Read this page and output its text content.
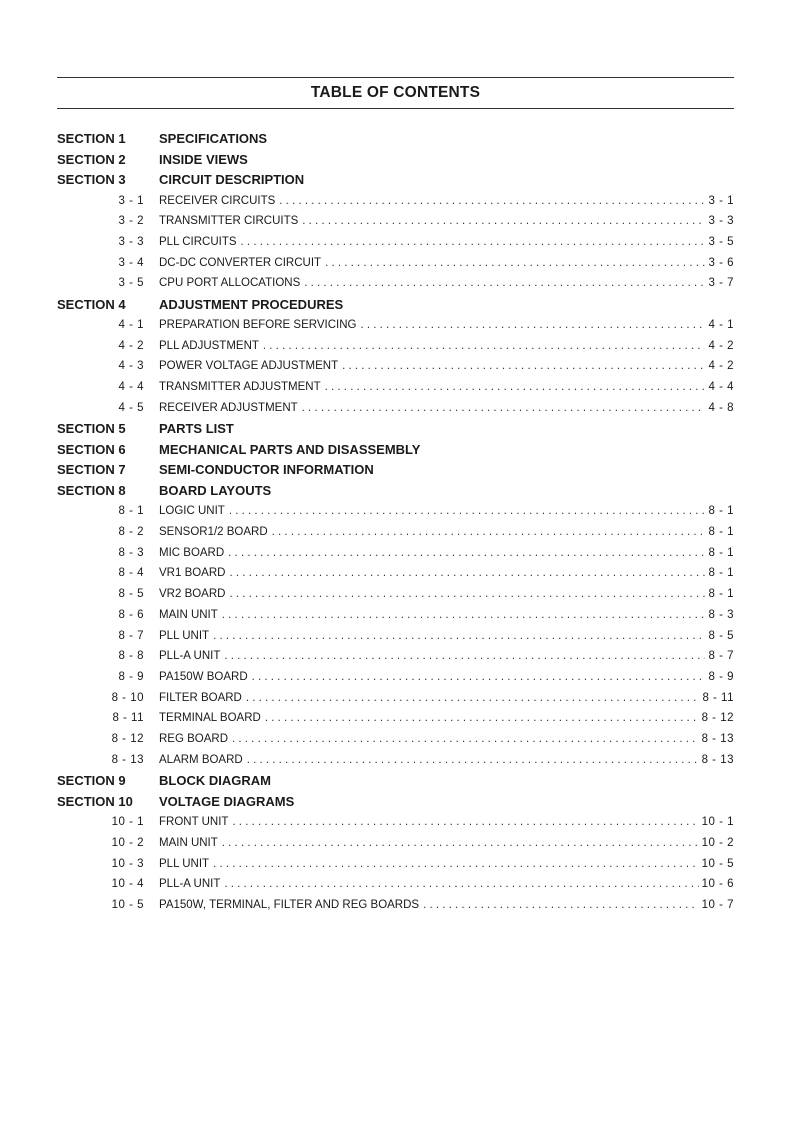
TABLE OF CONTENTS
SECTION 1	SPECIFICATIONS
SECTION 2	INSIDE VIEWS
SECTION 3	CIRCUIT DESCRIPTION
3 - 1	RECEIVER CIRCUITS . . .	3 - 1
3 - 2	TRANSMITTER CIRCUITS . . .	3 - 3
3 - 3	PLL CIRCUITS . . .	3 - 5
3 - 4	DC-DC CONVERTER CIRCUIT . . .	3 - 6
3 - 5	CPU PORT ALLOCATIONS . . .	3 - 7
SECTION 4	ADJUSTMENT PROCEDURES
4 - 1	PREPARATION BEFORE SERVICING . . .	4 - 1
4 - 2	PLL ADJUSTMENT . . .	4 - 2
4 - 3	POWER VOLTAGE ADJUSTMENT . . .	4 - 2
4 - 4	TRANSMITTER ADJUSTMENT . . .	4 - 4
4 - 5	RECEIVER ADJUSTMENT . . .	4 - 8
SECTION 5	PARTS LIST
SECTION 6	MECHANICAL PARTS AND DISASSEMBLY
SECTION 7	SEMI-CONDUCTOR INFORMATION
SECTION 8	BOARD LAYOUTS
8 - 1	LOGIC UNIT . . .	8 - 1
8 - 2	SENSOR1/2 BOARD . . .	8 - 1
8 - 3	MIC BOARD . . .	8 - 1
8 - 4	VR1 BOARD . . .	8 - 1
8 - 5	VR2 BOARD . . .	8 - 1
8 - 6	MAIN UNIT . . .	8 - 3
8 - 7	PLL UNIT . . .	8 - 5
8 - 8	PLL-A UNIT . . .	8 - 7
8 - 9	PA150W BOARD . . .	8 - 9
8 - 10	FILTER BOARD . . .	8 - 11
8 - 11	TERMINAL BOARD . . .	8 - 12
8 - 12	REG BOARD . . .	8 - 13
8 - 13	ALARM BOARD . . .	8 - 13
SECTION 9	BLOCK DIAGRAM
SECTION 10	VOLTAGE DIAGRAMS
10 - 1	FRONT UNIT . . .	10 - 1
10 - 2	MAIN UNIT . . .	10 - 2
10 - 3	PLL UNIT . . .	10 - 5
10 - 4	PLL-A UNIT . . .	10 - 6
10 - 5	PA150W, TERMINAL, FILTER AND REG BOARDS . . .	10 - 7
